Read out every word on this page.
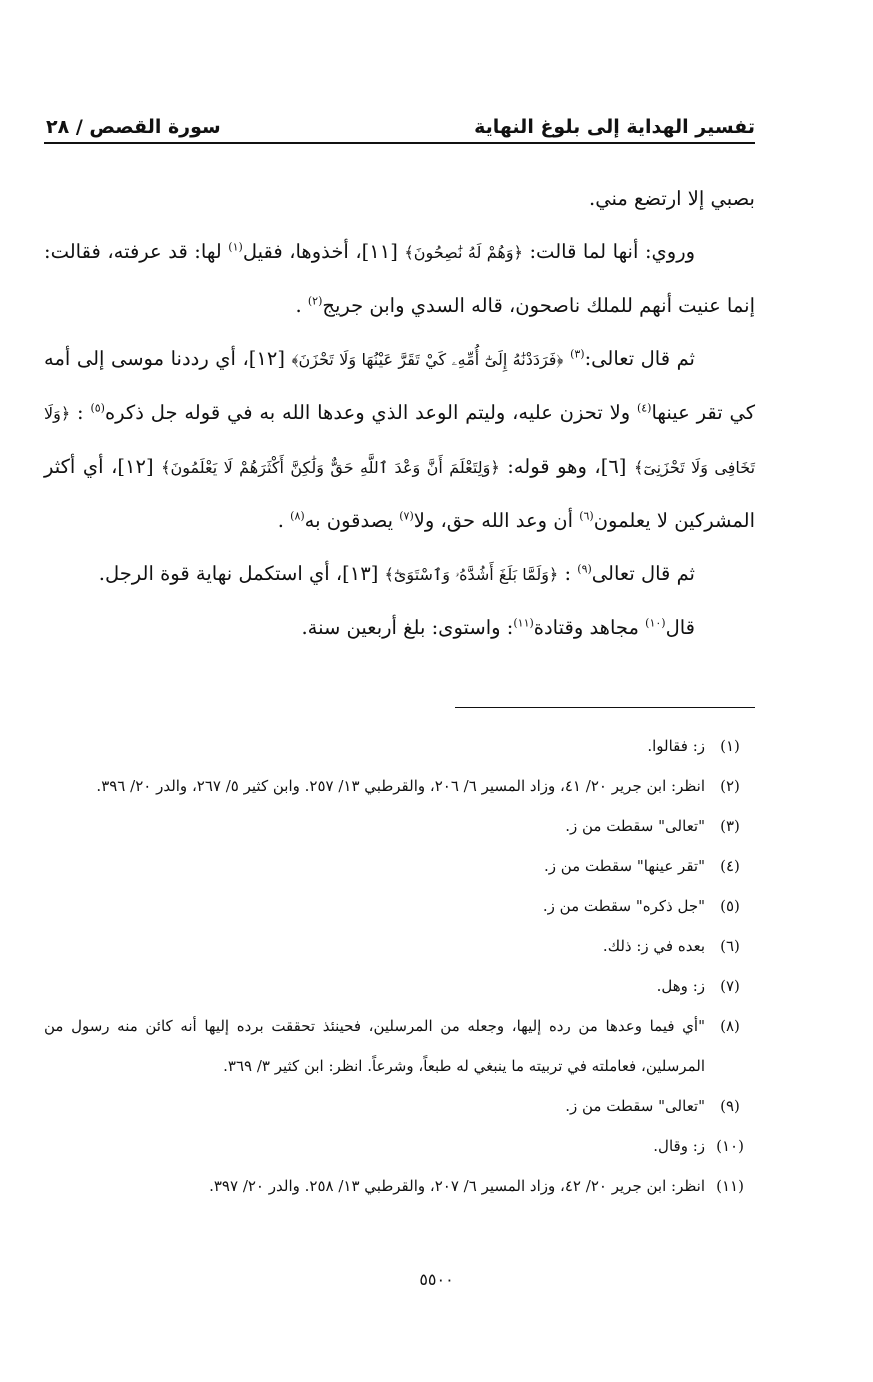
تفسير الهداية إلى بلوغ النهاية
سورة القصص / ٢٨

بصبي إلا ارتضع مني.

وروي: أنها لما قالت: ﴿وَهُمْ لَهُ نَٰصِحُونَ﴾ [١١]، أخذوها، فقيل$^{(١)}$ لها: قد عرفته، فقالت: إنما عنيت أنهم للملك ناصحون، قاله السدي وابن جريج$^{(٢)}$ .

ثم قال تعالى:$^{(٣)}$ ﴿فَرَدَدْنَٰهُ إِلَىٰٓ أُمِّهِۦ كَيْ تَقَرَّ عَيْنُهَا وَلَا تَحْزَنَ﴾ [١٢]، أي رددنا موسى إلى أمه كي تقر عينها$^{(٤)}$ ولا تحزن عليه، وليتم الوعد الذي وعدها الله به في قوله جل ذكره$^{(٥)}$ : ﴿وَلَا تَخَافِى وَلَا تَحْزَنِىٓ﴾ [٦]، وهو قوله: ﴿وَلِتَعْلَمَ أَنَّ وَعْدَ ٱللَّهِ حَقٌّ وَلَٰكِنَّ أَكْثَرَهُمْ لَا يَعْلَمُونَ﴾ [١٢]، أي أكثر المشركين لا يعلمون$^{(٦)}$ أن وعد الله حق، ولا$^{(٧)}$ يصدقون به$^{(٨)}$ .

ثم قال تعالى$^{(٩)}$ : ﴿وَلَمَّا بَلَغَ أَشُدَّهُۥ وَٱسْتَوَىٰٓ﴾ [١٣]، أي استكمل نهاية قوة الرجل.

قال$^{(١٠)}$ مجاهد وقتادة$^{(١١)}$: واستوى: بلغ أربعين سنة.

(١)
ز: فقالوا.
(٢)
انظر: ابن جرير ٢٠/ ٤١، وزاد المسير ٦/ ٢٠٦، والقرطبي ١٣/ ٢٥٧. وابن كثير ٥/ ٢٦٧، والدر ٢٠/ ٣٩٦.
(٣)
"تعالى" سقطت من ز.
(٤)
"تقر عينها" سقطت من ز.
(٥)
"جل ذكره" سقطت من ز.
(٦)
بعده في ز: ذلك.
(٧)
ز: وهل.
(٨)
"أي فيما وعدها من رده إليها، وجعله من المرسلين، فحينئذ تحققت برده إليها أنه كائن منه رسول من المرسلين، فعاملته في تربيته ما ينبغي له طبعاً، وشرعاً. انظر: ابن كثير ٣/ ٣٦٩.
(٩)
"تعالى" سقطت من ز.
(١٠)
ز: وقال.
(١١)
انظر: ابن جرير ٢٠/ ٤٢، وزاد المسير ٦/ ٢٠٧، والقرطبي ١٣/ ٢٥٨. والدر ٢٠/ ٣٩٧.
٥٥٠٠
